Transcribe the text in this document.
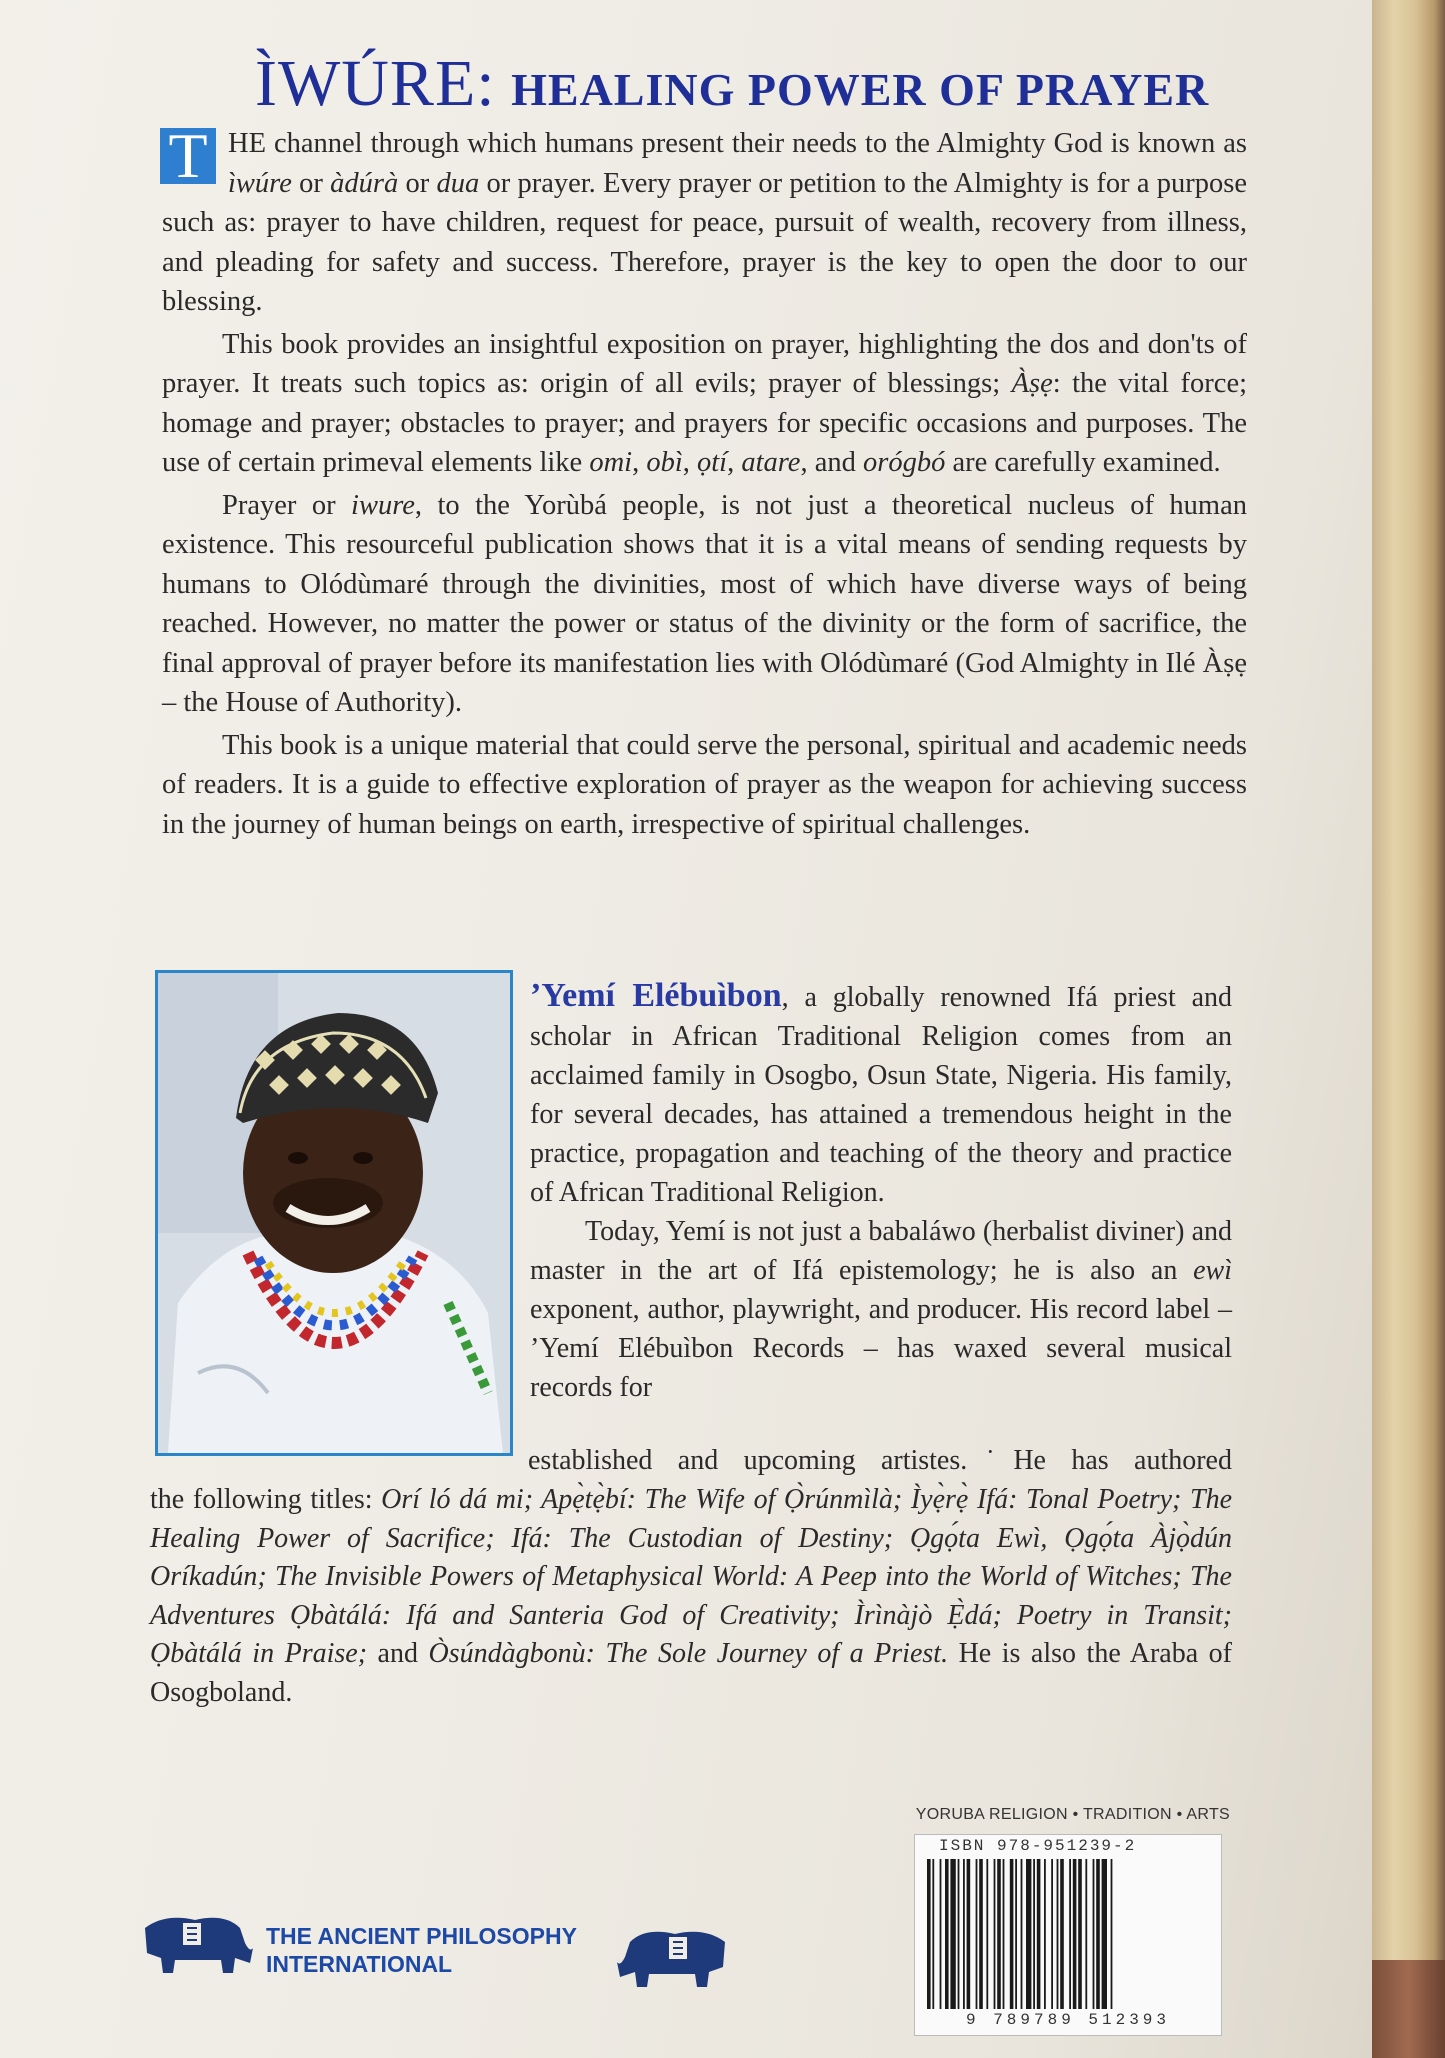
ÌWÚRE: HEALING POWER OF PRAYER

T HE channel through which humans present their needs to the Almighty God is known as ìwúre or àdúrà or dua or prayer. Every prayer or petition to the Almighty is for a purpose such as: prayer to have children, request for peace, pursuit of wealth, recovery from illness, and pleading for safety and success. Therefore, prayer is the key to open the door to our blessing.

This book provides an insightful exposition on prayer, highlighting the dos and don'ts of prayer. It treats such topics as: origin of all evils; prayer of blessings; Àṣẹ: the vital force; homage and prayer; obstacles to prayer; and prayers for specific occasions and purposes. The use of certain primeval elements like omi, obì, ọtí, atare, and orógbó are carefully examined.

Prayer or iwure, to the Yorùbá people, is not just a theoretical nucleus of human existence. This resourceful publication shows that it is a vital means of sending requests by humans to Olódùmaré through the divinities, most of which have diverse ways of being reached. However, no matter the power or status of the divinity or the form of sacrifice, the final approval of prayer before its manifestation lies with Olódùmaré (God Almighty in Ilé Àṣẹ – the House of Authority).

This book is a unique material that could serve the personal, spiritual and academic needs of readers. It is a guide to effective exploration of prayer as the weapon for achieving success in the journey of human beings on earth, irrespective of spiritual challenges.

’Yemí Elébuìbon, a globally renowned Ifá priest and scholar in African Traditional Religion comes from an acclaimed family in Osogbo, Osun State, Nigeria. His family, for several decades, has attained a tremendous height in the practice, propagation and teaching of the theory and practice of African Traditional Religion.

Today, Yemí is not just a babaláwo (herbalist diviner) and master in the art of Ifá epistemology; he is also an ewì exponent, author, playwright, and producer. His record label – ’Yemí Elébuìbon Records – has waxed several musical records for

established and upcoming artistes.˙He has authored

the following titles: Orí ló dá mi; Apẹ̀tẹ̀bí: The Wife of Ọ̀rúnmìlà; Ìyẹ̀rẹ̀ Ifá: Tonal Poetry; The Healing Power of Sacrifice; Ifá: The Custodian of Destiny; Ọgọ́ta Ewì, Ọgọ́ta Àjọ̀dún Oríkadún; The Invisible Powers of Metaphysical World: A Peep into the World of Witches; The Adventures Ọbàtálá: Ifá and Santeria God of Creativity; Ìrìnàjò Ẹ̀dá; Poetry in Transit; Ọbàtálá in Praise; and Òsúndàgbonù: The Sole Journey of a Priest. He is also the Araba of Osogboland.

YORUBA RELIGION • TRADITION • ARTS
ISBN 978-951239-2
9 789789 512393
THE ANCIENT PHILOSOPHY
INTERNATIONAL
